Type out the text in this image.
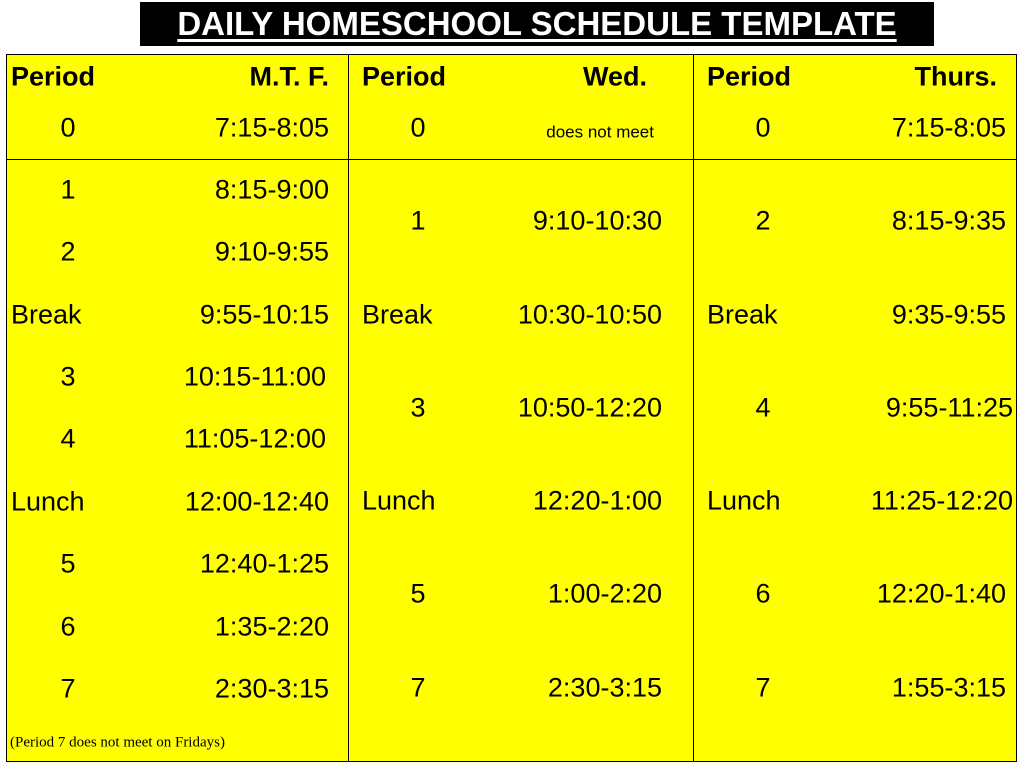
DAILY HOMESCHOOL SCHEDULE TEMPLATE
Period	M.T. F.
0	7:15-8:05
1	8:15-9:00
2	9:10-9:55
Break	9:55-10:15
3	10:15-11:00
4	11:05-12:00
Lunch	12:00-12:40
5	12:40-1:25
6	1:35-2:20
7	2:30-3:15
(Period 7 does not meet on Fridays)
Period	Wed.
0	does not meet
1	9:10-10:30
Break	10:30-10:50
3	10:50-12:20
Lunch	12:20-1:00
5	1:00-2:20
7	2:30-3:15
Period	Thurs.
0	7:15-8:05
2	8:15-9:35
Break	9:35-9:55
4	9:55-11:25
Lunch	11:25-12:20
6	12:20-1:40
7	1:55-3:15
